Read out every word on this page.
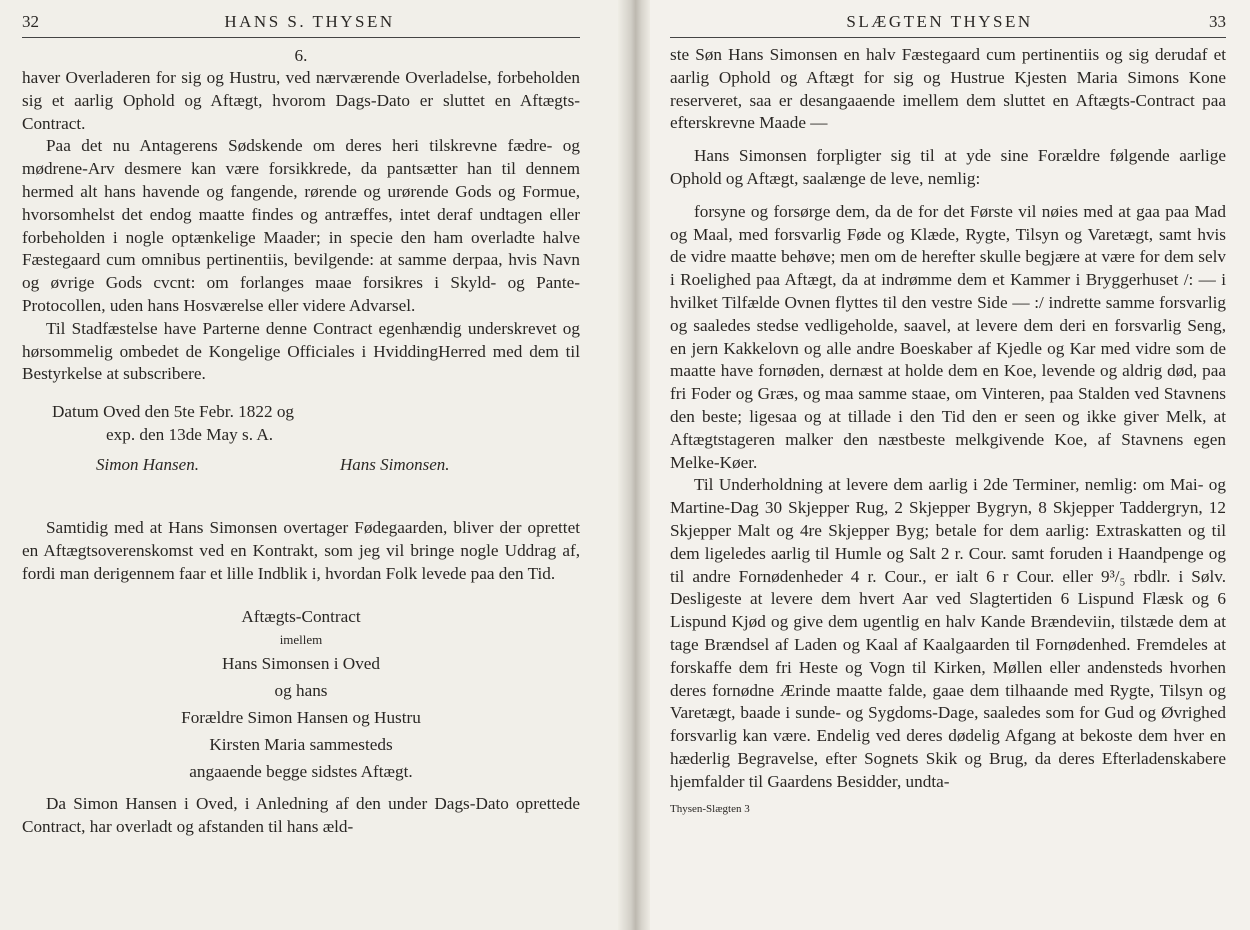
32	HANS S. THYSEN

6.

haver Overladeren for sig og Hustru, ved nærværende Overladelse, forbeholden sig et aarlig Ophold og Aftægt, hvorom Dags-Dato er sluttet en Aftægts-Contract.

Paa det nu Antagerens Sødskende om deres heri tilskrevne fædre- og mødrene-Arv desmere kan være forsikkrede, da pantsætter han til dennem hermed alt hans havende og fangende, rørende og urørende Gods og Formue, hvorsomhelst det endog maatte findes og antræffes, intet deraf undtagen eller forbeholden i nogle optænkelige Maader; in specie den ham overladte halve Fæstegaard cum omnibus pertinentiis, bevilgende: at samme derpaa, hvis Navn og øvrige Gods cvcnt: om forlanges maae forsikres i Skyld- og Pante-Protocollen, uden hans Hosværelse eller videre Advarsel.

Til Stadfæstelse have Parterne denne Contract egenhændig underskrevet og hørsommelig ombedet de Kongelige Officiales i HviddingHerred med dem til Bestyrkelse at subscribere.

Datum Oved den 5te Febr. 1822 og

exp. den 13de May s. A.

Simon Hansen.	Hans Simonsen.

Samtidig med at Hans Simonsen overtager Fødegaarden, bliver der oprettet en Aftægtsoverenskomst ved en Kontrakt, som jeg vil bringe nogle Uddrag af, fordi man derigennem faar et lille Indblik i, hvordan Folk levede paa den Tid.

Aftægts-Contract
imellem
Hans Simonsen i Oved
og hans
Forældre Simon Hansen og Hustru
Kirsten Maria sammesteds
angaaende begge sidstes Aftægt.

Da Simon Hansen i Oved, i Anledning af den under Dags-Dato oprettede Contract, har overladt og afstanden til hans æld-

SLÆGTEN THYSEN	33

ste Søn Hans Simonsen en halv Fæstegaard cum pertinentiis og sig derudaf et aarlig Ophold og Aftægt for sig og Hustrue Kjesten Maria Simons Kone reserveret, saa er desangaaende imellem dem sluttet en Aftægts-Contract paa efterskrevne Maade —

Hans Simonsen forpligter sig til at yde sine Forældre følgende aarlige Ophold og Aftægt, saalænge de leve, nemlig:

forsyne og forsørge dem, da de for det Første vil nøies med at gaa paa Mad og Maal, med forsvarlig Føde og Klæde, Rygte, Tilsyn og Varetægt, samt hvis de vidre maatte behøve; men om de herefter skulle begjære at være for dem selv i Roelighed paa Aftægt, da at indrømme dem et Kammer i Bryggerhuset /: — i hvilket Tilfælde Ovnen flyttes til den vestre Side — :/ indrette samme forsvarlig og saaledes stedse vedligeholde, saavel, at levere dem deri en forsvarlig Seng, en jern Kakkelovn og alle andre Boeskaber af Kjedle og Kar med vidre som de maatte have fornøden, dernæst at holde dem en Koe, levende og aldrig død, paa fri Foder og Græs, og maa samme staae, om Vinteren, paa Stalden ved Stavnens den beste; ligesaa og at tillade i den Tid den er seen og ikke giver Melk, at Aftægtstageren malker den næstbeste melkgivende Koe, af Stavnens egen Melke-Køer.

Til Underholdning at levere dem aarlig i 2de Terminer, nemlig: om Mai- og Martine-Dag 30 Skjepper Rug, 2 Skjepper Bygryn, 8 Skjepper Taddergryn, 12 Skjepper Malt og 4re Skjepper Byg; betale for dem aarlig: Extraskatten og til dem ligeledes aarlig til Humle og Salt 2 r. Cour. samt foruden i Haandpenge og til andre Fornødenheder 4 r. Cour., er ialt 6 r Cour. eller 9³/₅ rbdlr. i Sølv. Desligeste at levere dem hvert Aar ved Slagtertiden 6 Lispund Flæsk og 6 Lispund Kjød og give dem ugentlig en halv Kande Brændeviin, tilstæde dem at tage Brændsel af Laden og Kaal af Kaalgaarden til Fornødenhed. Fremdeles at forskaffe dem fri Heste og Vogn til Kirken, Møllen eller andensteds hvorhen deres fornødne Ærinde maatte falde, gaae dem tilhaande med Rygte, Tilsyn og Varetægt, baade i sunde- og Sygdoms-Dage, saaledes som for Gud og Øvrighed forsvarlig kan være. Endelig ved deres dødelig Afgang at bekoste dem hver en hæderlig Begravelse, efter Sognets Skik og Brug, da deres Efterladenskabere hjemfalder til Gaardens Besidder, undta-

Thysen-Slægten 3
